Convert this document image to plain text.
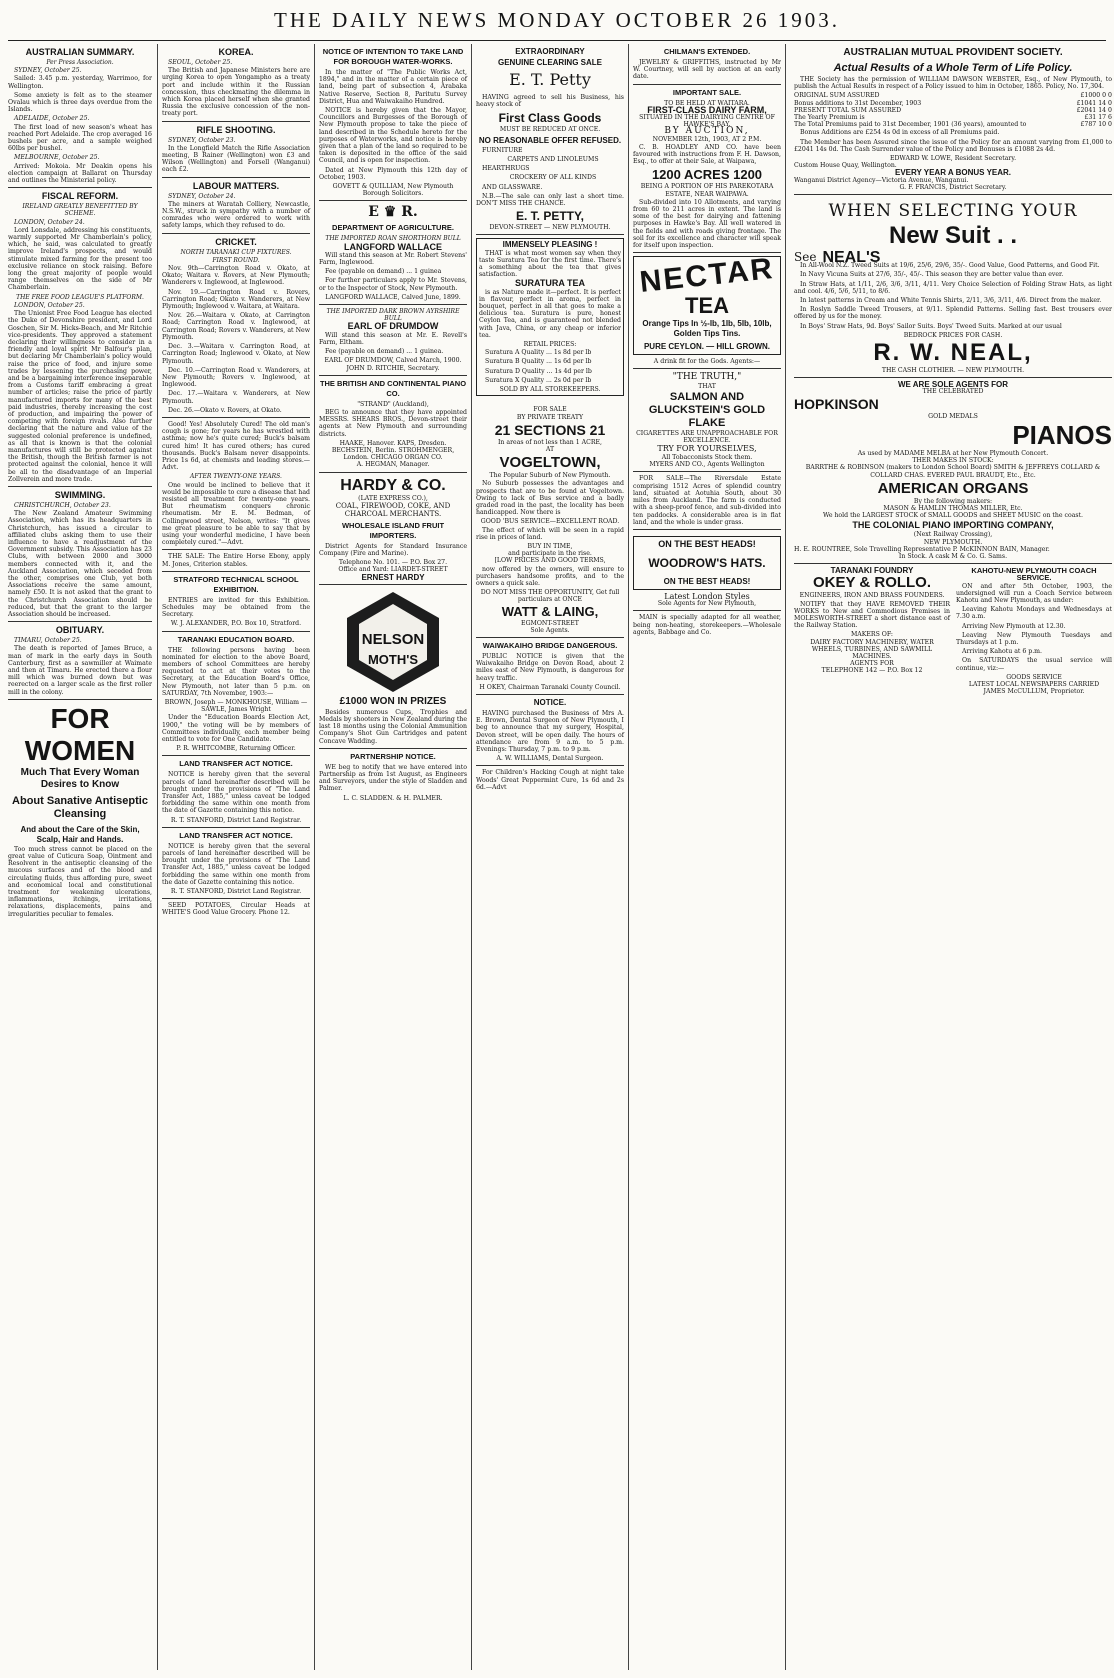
THE DAILY NEWS MONDAY OCTOBER 26 1903.
AUSTRALIAN SUMMARY.
Per Press Association.
SYDNEY, October 25.

Sailed: 3.45 p.m. yesterday, Warrimoo, for Wellington.

Some anxiety is felt as to the steamer Ovalau which is three days overdue from the Islands.

ADELAIDE, October 25.

The first load of new season's wheat has reached Port Adelaide. The crop averaged 16 bushels per acre, and a sample weighed 60lbs per bushel.

MELBOURNE, October 25.

Arrived: Mokoia. Mr Deakin opens his election campaign at Ballarat on Thursday and outlines the Ministerial policy.

FISCAL REFORM.
IRELAND GREATLY BENEFITTED BY SCHEME.
LONDON, October 24.

Lord Lonsdale, addressing his constituents, warmly supported Mr Chamberlain's policy, which, he said, was calculated to greatly improve Ireland's prospects, and would stimulate mixed farming for the present too exclusive reliance on stock raising. Before long the great majority of people would range themselves on the side of Mr Chamberlain.

THE FREE FOOD LEAGUE'S PLATFORM.
LONDON, October 25.

The Unionist Free Food League has elected the Duke of Devonshire president, and Lord Goschen, Sir M. Hicks-Beach, and Mr Ritchie vice-presidents. They approved a statement declaring their willingness to consider in a friendly and loyal spirit Mr Balfour's plan, but declaring Mr Chamberlain's policy would raise the price of food, and injure some trades by lessening the purchasing power, and be a bargaining interference inseparable from a Customs tariff embracing a great number of articles; raise the price of partly manufactured imports for many of the best paid industries, thereby increasing the cost of production, and impairing the power of competing with foreign rivals. Also further declaring that the nature and value of the suggested colonial preference is undefined, as all that is known is that the colonial manufactures will still be protected against the British, though the British farmer is not protected against the colonial, hence it will be all to the disadvantage of an Imperial Zollverein and more trade.

SWIMMING.
CHRISTCHURCH, October 23.

The New Zealand Amateur Swimming Association, which has its headquarters in Christchurch, has issued a circular to affiliated clubs asking them to use their influence to have a readjustment of the Government subsidy. This Association has 23 Clubs, with between 2000 and 3000 members connected with it, and the Auckland Association, which seceded from the other, comprises one Club, yet both Associations receive the same amount, namely £50. It is not asked that the grant to the Christchurch Association should be reduced, but that the grant to the larger Association should be increased.

OBITUARY.
TIMARU, October 25.

The death is reported of James Bruce, a man of mark in the early days in South Canterbury, first as a sawmiller at Waimate and then at Timaru. He erected there a flour mill which was burned down but was reerected on a larger scale as the first roller mill in the colony.

FOR WOMEN
Much That Every Woman Desires to Know
About Sanative Antiseptic Cleansing
And about the Care of the Skin, Scalp, Hair and Hands.

Too much stress cannot be placed on the great value of Cuticura Soap, Ointment and Resolvent in the antiseptic cleansing of the mucous surfaces and of the blood and circulating fluids, thus affording pure, sweet and economical local and constitutional treatment for weakening ulcerations, inflammations, itchings, irritations, relaxations, displacements, pains and irregularities peculiar to females.

KOREA.
SEOUL, October 25.

The British and Japanese Ministers here are urging Korea to open Yongampho as a treaty port and include within it the Russian concession, thus checkmating the dilemma in which Korea placed herself when she granted Russia the exclusive concession of the non-treaty port.

RIFLE SHOOTING.
SYDNEY, October 23.

In the Longfield Match the Rifle Association meeting, B Rainer (Wellington) won £3 and Wilson (Wellington) and Forsell (Wanganui) each £2.

LABOUR MATTERS.
SYDNEY, October 24.

The miners at Waratah Colliery, Newcastle, N.S.W., struck in sympathy with a number of comrades who were ordered to work with safety lamps, which they refused to do.

CRICKET.
NORTH TARANAKI CUP FIXTURES.
FIRST ROUND.

Nov. 9th—Carrington Road v. Okato, at Okato; Waitara v. Rovers, at New Plymouth; Wanderers v. Inglewood, at Inglewood.

Nov. 19.—Carrington Road v. Rovers, Carrington Road; Okato v. Wanderers, at New Plymouth; Inglewood v. Waitara, at Waitara.

Nov. 26.—Waitara v. Okato, at Carrington Road; Carrington Road v. Inglewood, at Carrington Road; Rovers v. Wanderers, at New Plymouth.

Dec. 3.—Waitara v. Carrington Road, at Carrington Road; Inglewood v. Okato, at New Plymouth.

Dec. 10.—Carrington Road v. Wanderers, at New Plymouth; Rovers v. Inglewood, at Inglewood.

Dec. 17.—Waitara v. Wanderers, at New Plymouth.

Dec. 26.—Okato v. Rovers, at Okato.

Good! Yes! Absolutely Cured! The old man's cough is gone; for years he has wrestled with asthma; now he's quite cured; Buck's balsam cured him! It has cured others; has cured thousands. Buck's Balsam never disappoints. Price 1s 6d, at chemists and leading stores.—Advt.

AFTER TWENTY-ONE YEARS.

One would be inclined to believe that it would be impossible to cure a disease that had resisted all treatment for twenty-one years. But rheumatism conquers chronic rheumatism. Mr E. M. Bedman, of Collingwood street, Nelson, writes: "It gives me great pleasure to be able to say that by using your wonderful medicine, I have been completely cured."—Advt.

THE SALE: The Entire Horse Ebony, apply M. Jones, Criterion stables.

STRATFORD TECHNICAL SCHOOL EXHIBITION.

ENTRIES are invited for this Exhibition. Schedules may be obtained from the Secretary.

W. J. ALEXANDER, P.O. Box 10, Stratford.
TARANAKI EDUCATION BOARD.

THE following persons having been nominated for election to the above Board, members of school Committees are hereby requested to act at their votes to the Secretary, at the Education Board's Office, New Plymouth, not later than 5 p.m. on SATURDAY, 7th November, 1903:—

BROWN, Joseph — MONKHOUSE, William — SAWLE, James Wright

Under the "Education Boards Election Act, 1900," the voting will be by members of Committees individually, each member being entitled to vote for One Candidate.

P. R. WHITCOMBE, Returning Officer.
LAND TRANSFER ACT NOTICE.

NOTICE is hereby given that the several parcels of land hereinafter described will be brought under the provisions of "The Land Transfer Act, 1885," unless caveat be lodged forbidding the same within one month from the date of Gazette containing this notice.

R. T. STANFORD, District Land Registrar.
LAND TRANSFER ACT NOTICE.

NOTICE is hereby given that the several parcels of land hereinafter described will be brought under the provisions of "The Land Transfer Act, 1885," unless caveat be lodged forbidding the same within one month from the date of Gazette containing this notice.

R. T. STANFORD, District Land Registrar.

SEED POTATOES, Circular Heads at WHITE'S Good Value Grocery. Phone 12.

NOTICE OF INTENTION TO TAKE LAND FOR BOROUGH WATER-WORKS.

In the matter of "The Public Works Act, 1894," and in the matter of a certain piece of land, being part of subsection 4, Arabaka Native Reserve, Section 8, Paritutu Survey District, Hua and Waiwakaiho Hundred.

NOTICE is hereby given that the Mayor, Councillors and Burgesses of the Borough of New Plymouth propose to take the piece of land described in the Schedule hereto for the purposes of Waterworks, and notice is hereby given that a plan of the land so required to be taken is deposited in the office of the said Council, and is open for inspection.

Dated at New Plymouth this 12th day of October, 1903.

GOVETT & QUILLIAM, New Plymouth Borough Solicitors.
E ♛ R.
DEPARTMENT OF AGRICULTURE.
THE IMPORTED ROAN SHORTHORN BULL
LANGFORD WALLACE

Will stand this season at Mr. Robert Stevens' Farm, Inglewood.

Fee (payable on demand) ... 1 guinea

For further particulars apply to Mr. Stevens, or to the Inspector of Stock, New Plymouth.

LANGFORD WALLACE, Calved June, 1899.
THE IMPORTED DARK BROWN AYRSHIRE BULL
EARL OF DRUMDOW

Will stand this season at Mr. E. Revell's Farm, Eltham.

Fee (payable on demand) ... 1 guinea.

EARL OF DRUMDOW, Calved March, 1900.
JOHN D. RITCHIE, Secretary.
THE BRITISH AND CONTINENTAL PIANO CO.
"STRAND" (Auckland),

BEG to announce that they have appointed MESSRS. SHEARS BROS., Devon-street their agents at New Plymouth and surrounding districts.

HAAKE, Hanover. KAPS, Dresden. BECHSTEIN, Berlin. STROHMENGER, London. CHICAGO ORGAN CO.
A. HEGMAN, Manager.
HARDY & CO.
(LATE EXPRESS CO.),
COAL, FIREWOOD, COKE, AND CHARCOAL MERCHANTS.
WHOLESALE ISLAND FRUIT IMPORTERS.

District Agents for Standard Insurance Company (Fire and Marine).

Telephone No. 101. — P.O. Box 27.
Office and Yard: LIARDET-STREET
ERNEST HARDY
NELSON
MOTH'S
£1000 WON IN PRIZES

Besides numerous Cups, Trophies and Medals by shooters in New Zealand during the last 18 months using the Colonial Ammunition Company's Shot Gun Cartridges and patent Concave Wadding.

PARTNERSHIP NOTICE.

WE beg to notify that we have entered into Partnership as from 1st August, as Engineers and Surveyors, under the style of Sladden and Palmer.

L. C. SLADDEN. & H. PALMER.
EXTRAORDINARY
GENUINE CLEARING SALE
E. T. Petty

HAVING agreed to sell his Business, his heavy stock of

First Class Goods
MUST BE REDUCED AT ONCE.
NO REASONABLE OFFER REFUSED.

FURNITURE

CARPETS AND LINOLEUMS

HEARTHRUGS

CROCKERY OF ALL KINDS

AND GLASSWARE.

N.B.—The sale can only last a short time. DON'T MISS THE CHANCE.

E. T. PETTY,
DEVON-STREET — NEW PLYMOUTH.
IMMENSELY PLEASING !

THAT is what most women say when they taste Suratura Tea for the first time. There's a something about the tea that gives satisfaction.

SURATURA TEA

is as Nature made it—perfect. It is perfect in flavour, perfect in aroma, perfect in bouquet, perfect in all that goes to make a delicious tea. Suratura is pure, honest Ceylon Tea, and is guaranteed not blended with Java, China, or any cheap or inferior tea.

RETAIL PRICES:

Suratura A Quality ... 1s 8d per lb

Suratura B Quality ... 1s 6d per lb

Suratura D Quality ... 1s 4d per lb

Suratura X Quality ... 2s 0d per lb

SOLD BY ALL STOREKEEPERS.
FOR SALE
BY PRIVATE TREATY
21 SECTIONS 21
In areas of not less than 1 ACRE,
AT
VOGELTOWN,
The Popular Suburb of New Plymouth.

No Suburb possesses the advantages and prospects that are to be found at Vogeltown. Owing to lack of Bus service and a badly graded road in the past, the locality has been handicapped. Now there is

GOOD 'BUS SERVICE—EXCELLENT ROAD.

The effect of which will be seen in a rapid rise in prices of land.

BUY IN TIME,
and participate in the rise.
[LOW PRICES AND GOOD TERMS,

now offered by the owners, will ensure to purchasers handsome profits, and to the owners a quick sale.

DO NOT MISS THE OPPORTUNITY, Get full particulars at ONCE
WATT & LAING,
EGMONT-STREET
Sole Agents.
WAIWAKAIHO BRIDGE DANGEROUS.

PUBLIC NOTICE is given that the Waiwakaiho Bridge on Devon Road, about 2 miles east of New Plymouth, is dangerous for heavy traffic.

H OKEY, Chairman Taranaki County Council.
NOTICE.

HAVING purchased the Business of Mrs A. E. Brown, Dental Surgeon of New Plymouth, I beg to announce that my surgery, Hospital, Devon street, will be open daily. The hours of attendance are from 9 a.m. to 5 p.m. Evenings: Thursday, 7 p.m. to 9 p.m.

A. W. WILLIAMS, Dental Surgeon.

For Children's Hacking Cough at night take Woods' Great Peppermint Cure, 1s 6d and 2s 6d.—Advt

CHILMAN'S EXTENDED.

JEWELRY & GRIFFITHS, instructed by Mr W. Courtney, will sell by auction at an early date.

IMPORTANT SALE.
TO BE HELD AT WAITARA.
FIRST-CLASS DAIRY FARM,
SITUATED IN THE DAIRYING CENTRE OF HAWKE'S BAY.
BY AUCTION,
NOVEMBER 12th, 1903, AT 2 P.M.

C. B. HOADLEY AND CO. have been favoured with instructions from F. H. Dawson, Esq., to offer at their Sale, at Waipawa,

1200 ACRES 1200
BEING A PORTION OF HIS PAREKOTARA ESTATE, NEAR WAIPAWA.

Sub-divided into 10 Allotments, and varying from 60 to 211 acres in extent. The land is some of the best for dairying and fattening purposes in Hawke's Bay. All well watered in the fields and with roads giving frontage. The soil for its excellence and character will speak for itself upon inspection.

NECTAR
TEA
Orange Tips In ½-lb, 1lb, 5lb, 10lb, Golden Tips Tins.
PURE CEYLON. — HILL GROWN.
A drink fit for the Gods. Agents:—
"THE TRUTH,"
THAT
SALMON AND GLUCKSTEIN'S GOLD FLAKE
CIGARETTES ARE UNAPPROACHABLE FOR EXCELLENCE.
TRY FOR YOURSELVES,
All Tobacconists Stock them.
MYERS AND CO., Agents Wellington

FOR SALE—The Riversdale Estate comprising 1512 Acres of splendid country land, situated at Aotuhia South, about 30 miles from Auckland. The farm is conducted with a sheep-proof fence, and sub-divided into ten paddocks. A considerable area is in flat land, and the whole is under grass.

ON THE BEST HEADS!
WOODROW'S HATS.
ON THE BEST HEADS!
Latest London Styles
Sole Agents for New Plymouth,

MAIN is specially adapted for all weather, being non-heating, storekeepers.—Wholesale agents, Babbage and Co.

AUSTRALIAN MUTUAL PROVIDENT SOCIETY.
Actual Results of a Whole Term of Life Policy.

THE Society has the permission of WILLIAM DAWSON WEBSTER, Esq., of New Plymouth, to publish the Actual Results in respect of a Policy issued to him in October, 1865. Policy, No. 17,304.

ORIGINAL SUM ASSURED	£1000 0 0
Bonus additions to 31st December, 1903	£1041 14 0
PRESENT TOTAL SUM ASSURED	£2041 14 0
The Yearly Premium is	£31 17 6
The Total Premiums paid to 31st December, 1901 (36 years), amounted to	£787 10 0

Bonus Additions are £254 4s 0d in excess of all Premiums paid.

The Member has been Assured since the issue of the Policy for an amount varying from £1,000 to £2041 14s 0d. The Cash Surrender value of the Policy and Bonuses is £1088 2s 4d.

EDWARD W. LOWE, Resident Secretary.
Custom House Quay, Wellington.
EVERY YEAR A BONUS YEAR.
Wanganui District Agency—Victoria Avenue, Wanganui.
G. F. FRANCIS, District Secretary.
WHEN SELECTING YOUR
New Suit . .
See NEAL'S

In All-Wool N.Z. Tweed Suits at 19/6, 25/6, 29/6, 35/-. Good Value, Good Patterns, and Good Fit.

In Navy Vicuna Suits at 27/6, 35/-, 45/-. This season they are better value than ever.

In Straw Hats, at 1/11, 2/6, 3/6, 3/11, 4/11. Very Choice Selection of Folding Straw Hats, as light and cool. 4/6, 5/6, 5/11, to 8/6.

In latest patterns in Cream and White Tennis Shirts, 2/11, 3/6, 3/11, 4/6. Direct from the maker.

In Roslyn Saddle Tweed Trousers, at 9/11. Splendid Patterns. Selling fast. Best trousers ever offered by us for the money.

In Boys' Straw Hats, 9d. Boys' Sailor Suits. Boys' Tweed Suits. Marked at our usual

BEDROCK PRICES FOR CASH.
R. W. NEAL,
THE CASH CLOTHIER. — NEW PLYMOUTH.
WE ARE SOLE AGENTS FOR
THE CELEBRATED
HOPKINSON
GOLD MEDALS
PIANOS
As used by MADAME MELBA at her New Plymouth Concert.
THER MAKES IN STOCK:
BARRTHE & ROBINSON (makers to London School Board) SMITH & JEFFREYS COLLARD & COLLARD CHAS. EVERED PAUL BRAUDT, Etc., Etc.
AMERICAN ORGANS
By the following makers:
MASON & HAMLIN THOMAS MILLER, Etc.
We hold the LARGEST STOCK of SMALL GOODS and SHEET MUSIC on the coast.
THE COLONIAL PIANO IMPORTING COMPANY,
(Next Railway Crossing),
NEW PLYMOUTH.
H. E. ROUNTREE, Sole Travelling Representative P. McKINNON BAIN, Manager.
In Stock. A cask M & Co. G. Sams.
TARANAKI FOUNDRY
OKEY & ROLLO.
ENGINEERS, IRON AND BRASS FOUNDERS.

NOTIFY that they HAVE REMOVED THEIR WORKS to New and Commodious Premises in MOLESWORTH-STREET a short distance east of the Railway Station.

MAKERS OF:
DAIRY FACTORY MACHINERY, WATER WHEELS, TURBINES, AND SAWMILL MACHINES.
AGENTS FOR
TELEPHONE 142 — P.O. Box 12
KAHOTU-NEW PLYMOUTH COACH SERVICE.

ON and after 5th October, 1903, the undersigned will run a Coach Service between Kahotu and New Plymouth, as under:

Leaving Kahotu Mondays and Wednesdays at 7.30 a.m.

Arriving New Plymouth at 12.30.

Leaving New Plymouth Tuesdays and Thursdays at 1 p.m.

Arriving Kahotu at 6 p.m.

On SATURDAYS the usual service will continue, viz:—

GOODS SERVICE
LATEST LOCAL NEWSPAPERS CARRIED
JAMES McCULLUM, Proprietor.
